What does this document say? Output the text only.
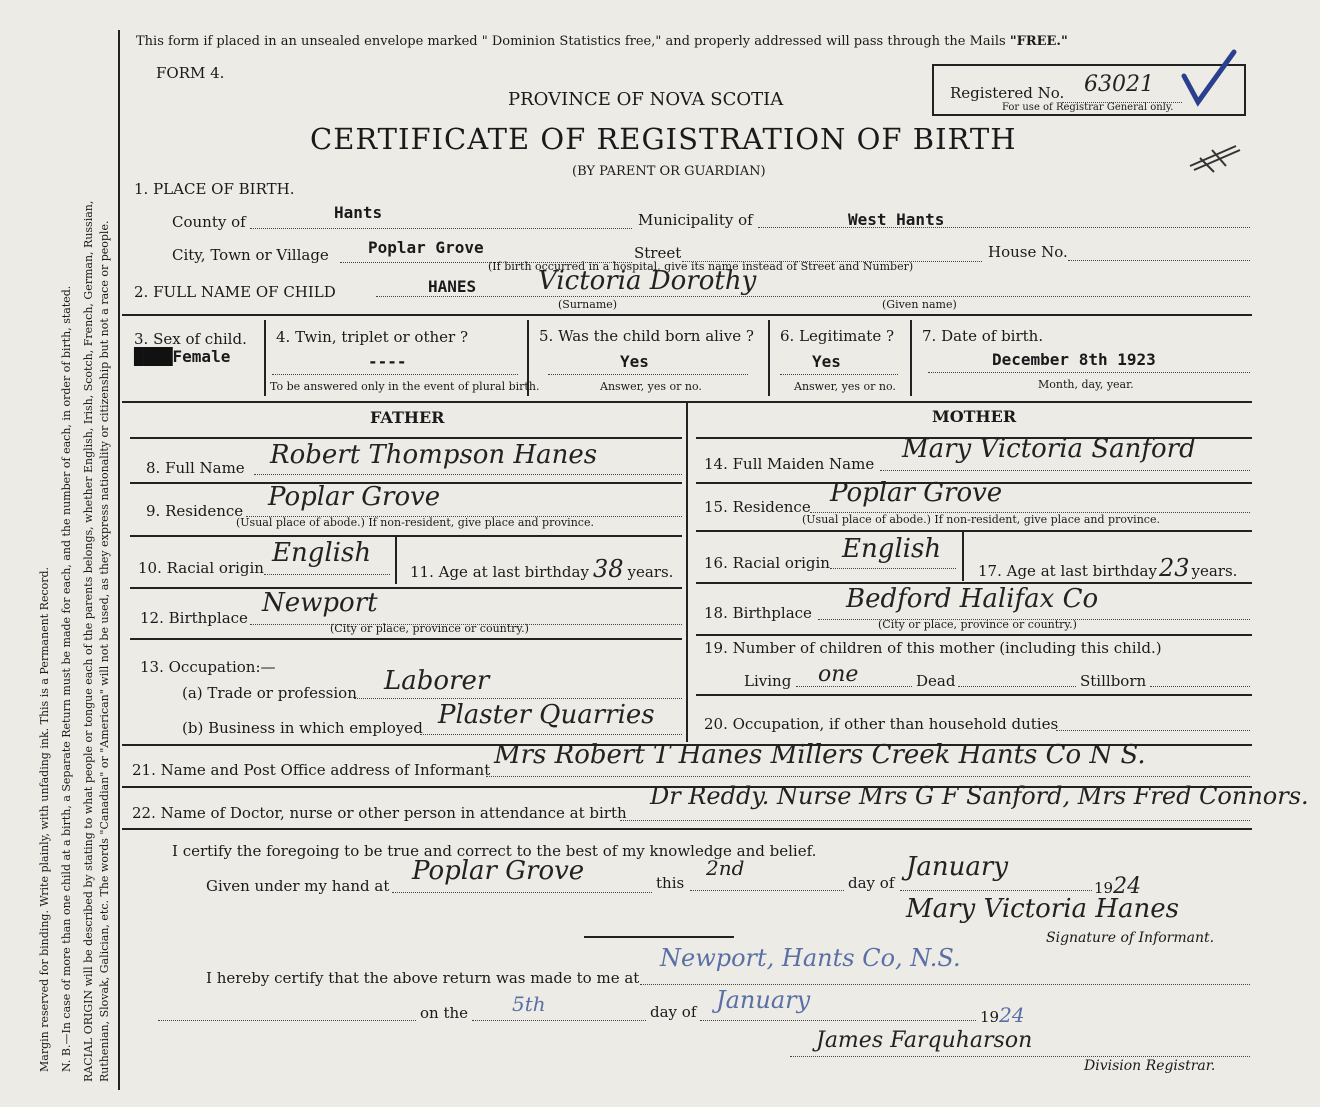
Margin reserved for binding. Write plainly, with unfading ink. This is a Permanent Record. N. B.—In case of more than one child at a birth, a Separate Return must be made for each, and the number of each, in order of birth, stated. RACIAL ORIGIN will be described by stating to what people or tongue each of the parents belongs, whether English, Irish, Scotch, French, German, Russian, Ruthenian, Slovak, Galician, etc. The words "Canadian" or "American" will not be used, as they express nationality or citizenship but not a race or people.
This form if placed in an unsealed envelope marked " Dominion Statistics free," and properly addressed will pass through the Mails "FREE."
FORM 4.
PROVINCE OF NOVA SCOTIA
CERTIFICATE OF REGISTRATION OF BIRTH
(BY PARENT OR GUARDIAN)
Registered No. 63021
For use of Registrar General only.
1. PLACE OF BIRTH.
County of	Hants	Municipality of	West Hants
City, Town or Village Poplar Grove	Street	House No.
(If birth occurred in a hospital, give its name instead of Street and Number)
2. FULL NAME OF CHILD	HANES Victoria Dorothy
(Surname)	(Given name)
3. Sex of child.
████Female
4. Twin, triplet or other ?
----
To be answered only in the event of plural birth.
5. Was the child born alive ?
Yes
Answer, yes or no.
6. Legitimate ?
Yes
Answer, yes or no.
7. Date of birth.
December 8th 1923
Month, day, year.
FATHER	MOTHER
8. Full Name Robert Thompson Hanes
9. Residence Poplar Grove
(Usual place of abode.) If non-resident, give place and province.
10. Racial origin English
11. Age at last birthday 38 years.
12. Birthplace Newport
(City or place, province or country.)
13. Occupation:—
(a) Trade or profession Laborer
(b) Business in which employed Plaster Quarries
14. Full Maiden Name Mary Victoria Sanford
15. Residence Poplar Grove
(Usual place of abode.) If non-resident, give place and province.
16. Racial origin English
17. Age at last birthday23 years.
18. Birthplace Bedford Halifax Co
(City or place, province or country.)
19. Number of children of this mother (including this child.)
Living one	Dead	Stillborn
20. Occupation, if other than household duties
21. Name and Post Office address of Informant Mrs Robert T Hanes Millers Creek Hants Co N S.
22. Name of Doctor, nurse or other person in attendance at birth
Dr Reddy. Nurse Mrs G F Sanford, Mrs Fred Connors.
I certify the foregoing to be true and correct to the best of my knowledge and belief.
Given under my hand at Poplar Grove	this
2nd
day of
January
1924
Mary Victoria Hanes
Signature of Informant.
I hereby certify that the above return was made to me at
Newport, Hants Co, N.S.
on the 5th	day of January
1924
James Farquharson
Division Registrar.
